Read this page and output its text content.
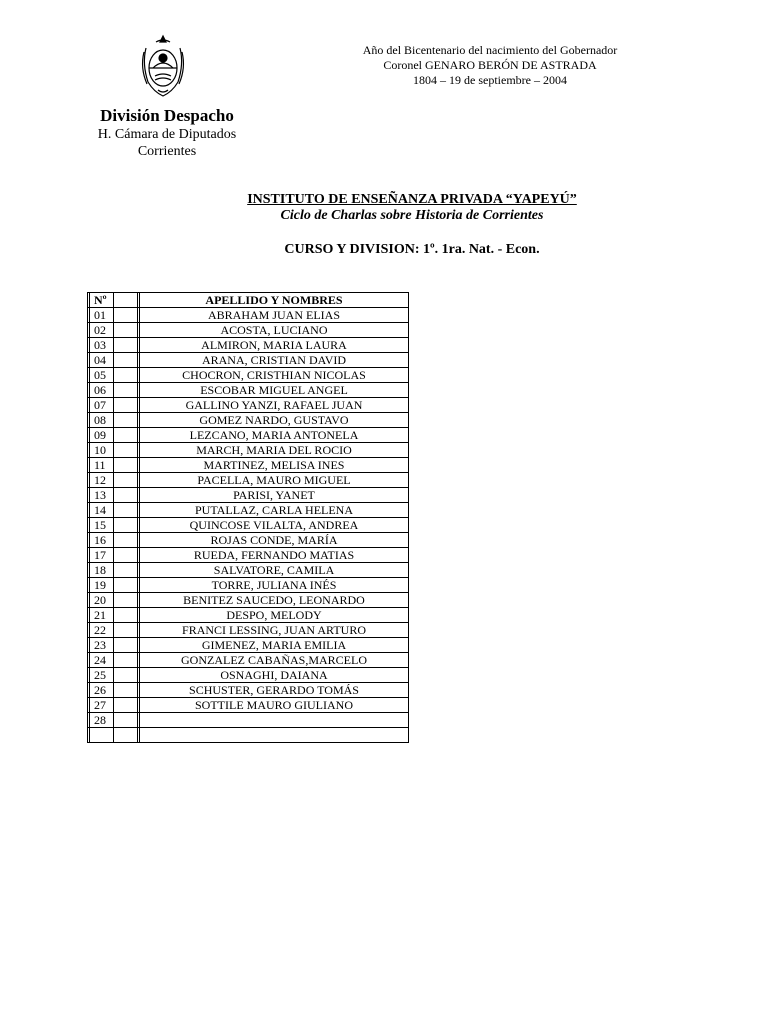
Año del Bicentenario del nacimiento del Gobernador
Coronel GENARO BERÓN DE ASTRADA
1804 – 19 de septiembre – 2004
División Despacho
H. Cámara de Diputados
Corrientes
INSTITUTO DE ENSEÑANZA PRIVADA “YAPEYÚ”
Ciclo de Charlas sobre Historia de Corrientes
CURSO Y DIVISION: 1º. 1ra. Nat. - Econ.
	Nº			APELLIDO Y NOMBRES
	01			ABRAHAM JUAN ELIAS
	02			ACOSTA, LUCIANO
	03			ALMIRON, MARIA LAURA
	04			ARANA, CRISTIAN DAVID
	05			CHOCRON, CRISTHIAN NICOLAS
	06			ESCOBAR MIGUEL ANGEL
	07			GALLINO YANZI, RAFAEL JUAN
	08			GOMEZ NARDO, GUSTAVO
	09			LEZCANO, MARIA ANTONELA
	10			MARCH, MARIA DEL ROCIO
	11			MARTINEZ, MELISA INES
	12			PACELLA, MAURO MIGUEL
	13			PARISI, YANET
	14			PUTALLAZ, CARLA HELENA
	15			QUINCOSE VILALTA, ANDREA
	16			ROJAS CONDE, MARÍA
	17			RUEDA, FERNANDO MATIAS
	18			SALVATORE, CAMILA
	19			TORRE, JULIANA INÉS
	20			BENITEZ SAUCEDO, LEONARDO
	21			DESPO, MELODY
	22			FRANCI LESSING, JUAN ARTURO
	23			GIMENEZ, MARIA EMILIA
	24			GONZALEZ CABAÑAS,MARCELO
	25			OSNAGHI, DAIANA
	26			SCHUSTER, GERARDO TOMÁS
	27			SOTTILE MAURO GIULIANO
	28			
